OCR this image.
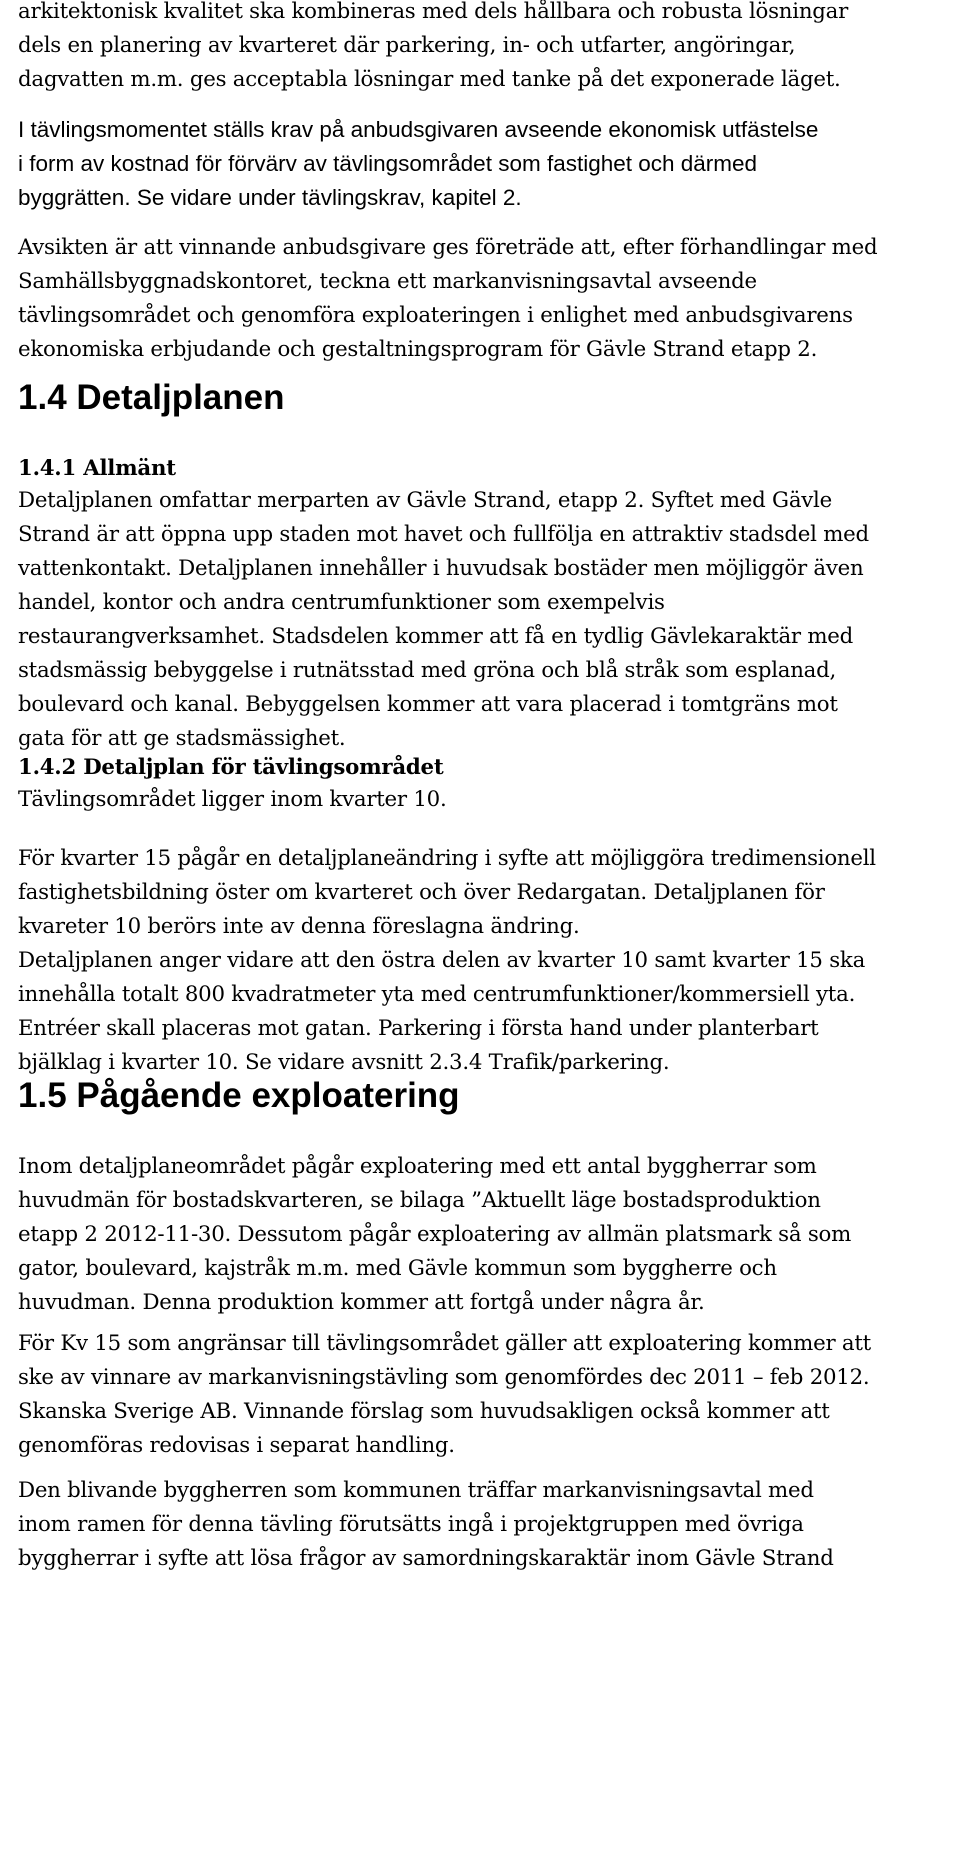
arkitektonisk kvalitet ska kombineras med dels hållbara och robusta lösningar
dels en planering av kvarteret där parkering, in- och utfarter, angöringar,
dagvatten m.m. ges acceptabla lösningar med tanke på det exponerade läget.
I tävlingsmomentet ställs krav på anbudsgivaren avseende ekonomisk utfästelse
i form av kostnad för förvärv av tävlingsområdet som fastighet och därmed
byggrätten. Se vidare under tävlingskrav, kapitel 2.
Avsikten är att vinnande anbudsgivare ges företräde att, efter förhandlingar med
Samhällsbyggnadskontoret, teckna ett markanvisningsavtal avseende
tävlingsområdet och genomföra exploateringen i enlighet med anbudsgivarens
ekonomiska erbjudande och gestaltningsprogram för Gävle Strand etapp 2.
1.4 Detaljplanen
1.4.1 Allmänt
Detaljplanen omfattar merparten av Gävle Strand, etapp 2. Syftet med Gävle
Strand är att öppna upp staden mot havet och fullfölja en attraktiv stadsdel med
vattenkontakt. Detaljplanen innehåller i huvudsak bostäder men möjliggör även
handel, kontor och andra centrumfunktioner som exempelvis
restaurangverksamhet. Stadsdelen kommer att få en tydlig Gävlekaraktär med
stadsmässig bebyggelse i rutnätsstad med gröna och blå stråk som esplanad,
boulevard och kanal. Bebyggelsen kommer att vara placerad i tomtgräns mot
gata för att ge stadsmässighet.
1.4.2 Detaljplan för tävlingsområdet
Tävlingsområdet ligger inom kvarter 10.
För kvarter 15 pågår en detaljplaneändring i syfte att möjliggöra tredimensionell
fastighetsbildning öster om kvarteret och över Redargatan. Detaljplanen för
kvareter 10 berörs inte av denna föreslagna ändring.
Detaljplanen anger vidare att den östra delen av kvarter 10 samt kvarter 15 ska
innehålla totalt 800 kvadratmeter yta med centrumfunktioner/kommersiell yta.
Entréer skall placeras mot gatan. Parkering i första hand under planterbart
bjälklag i kvarter 10. Se vidare avsnitt 2.3.4 Trafik/parkering.
1.5 Pågående exploatering
Inom detaljplaneområdet pågår exploatering med ett antal byggherrar som
huvudmän för bostadskvarteren, se bilaga ”Aktuellt läge bostadsproduktion
etapp 2 2012-11-30. Dessutom pågår exploatering av allmän platsmark så som
gator, boulevard, kajstråk m.m. med Gävle kommun som byggherre och
huvudman. Denna produktion kommer att fortgå under några år.
För Kv 15 som angränsar till tävlingsområdet gäller att exploatering kommer att
ske av vinnare av markanvisningstävling som genomfördes dec 2011 – feb 2012.
Skanska Sverige AB. Vinnande förslag som huvudsakligen också kommer att
genomföras redovisas i separat handling.
Den blivande byggherren som kommunen träffar markanvisningsavtal med
inom ramen för denna tävling förutsätts ingå i projektgruppen med övriga
byggherrar i syfte att lösa frågor av samordningskaraktär inom Gävle Strand
